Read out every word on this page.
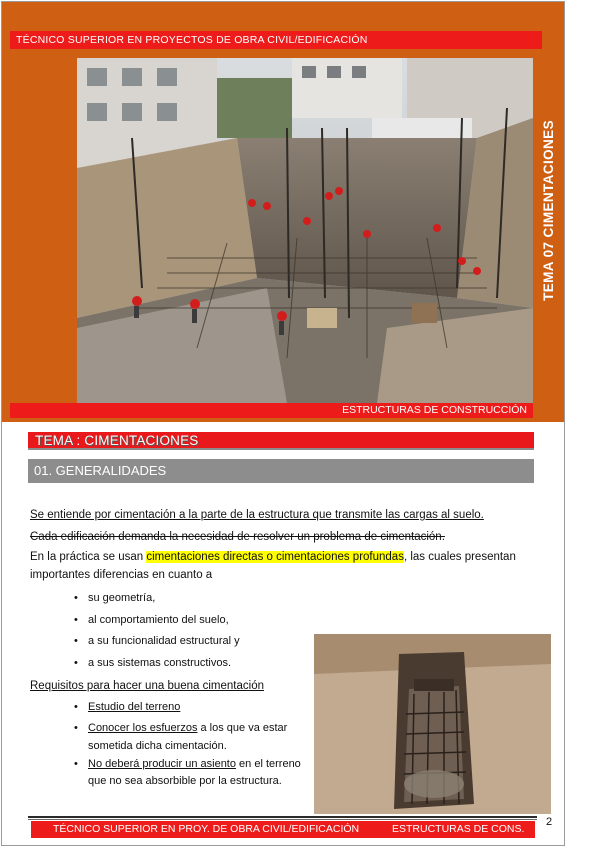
TÉCNICO SUPERIOR EN PROYECTOS DE OBRA CIVIL/EDIFICACIÓN
TEMA 07 CIMENTACIONES
ESTRUCTURAS DE CONSTRUCCIÓN
TEMA : CIMENTACIONES
01. GENERALIDADES
Se entiende por cimentación a la parte de la estructura que transmite las cargas al suelo.
Cada edificación demanda la necesidad de resolver un problema de cimentación.
En la práctica se usan cimentaciones directas o cimentaciones profundas, las cuales presentan
importantes diferencias en cuanto a
• su geometría,
• al comportamiento del suelo,
• a su funcionalidad estructural y
• a sus sistemas constructivos.
Requisitos para hacer una buena cimentación
• Estudio del terreno
• Conocer los esfuerzos a los que va estar
sometida dicha cimentación.
• No deberá producir un asiento en el terreno
que no sea absorbible por la estructura.
TÉCNICO SUPERIOR EN PROY. DE OBRA CIVIL/EDIFICACIÓN	ESTRUCTURAS DE CONS.
2
